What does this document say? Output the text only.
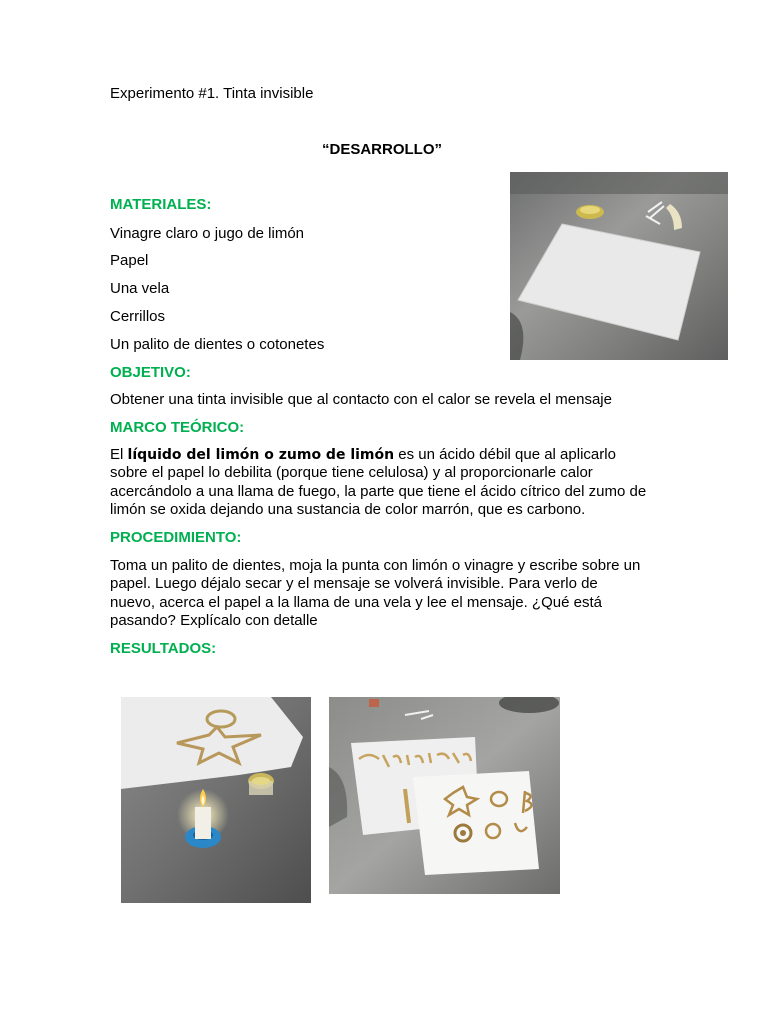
Experimento #1. Tinta invisible
“DESARROLLO”
MATERIALES:
Vinagre claro o jugo de limón
Papel
Una vela
Cerrillos
Un palito de dientes o cotonetes
OBJETIVO:
Obtener una tinta invisible que al contacto con el calor se revela el mensaje
MARCO TEÓRICO:
El líquido del limón o zumo de limón es un ácido débil que al aplicarlo sobre el papel lo debilita (porque tiene celulosa) y al proporcionarle calor acercándolo a una llama de fuego, la parte que tiene el ácido cítrico del zumo de limón se oxida dejando una sustancia de color marrón, que es carbono.
PROCEDIMIENTO:
Toma un palito de dientes, moja la punta con limón o vinagre y escribe sobre un papel. Luego déjalo secar y el mensaje se volverá invisible. Para verlo de nuevo, acerca el papel a la llama de una vela y lee el mensaje. ¿Qué está pasando? Explícalo con detalle
RESULTADOS:
